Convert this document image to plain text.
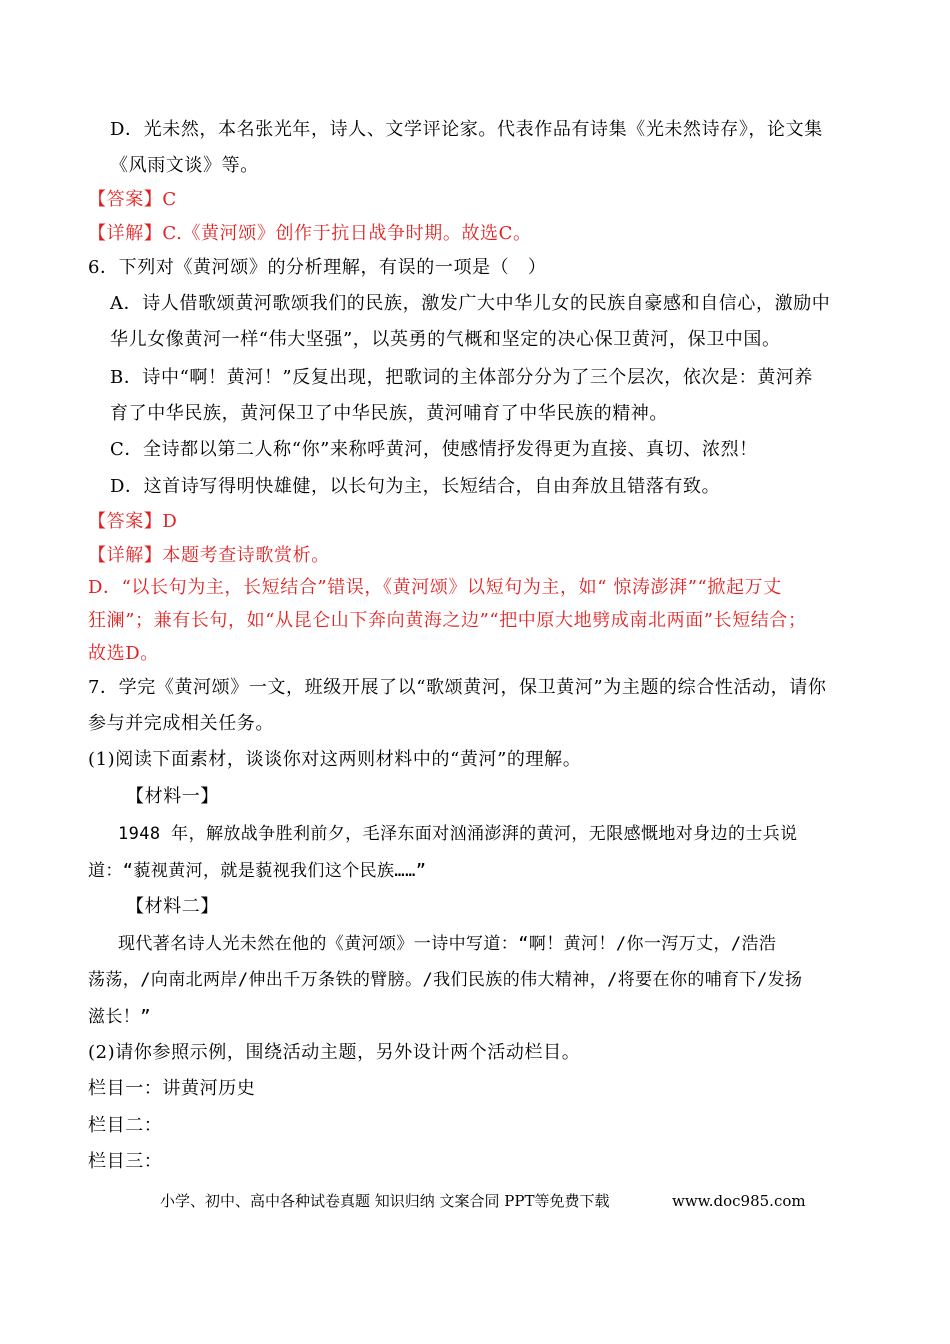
D．光未然，本名张光年，诗人、文学评论家。代表作品有诗集《光未然诗存》，论文集
《风雨文谈》等。
【答案】C
【详解】C.《黄河颂》创作于抗日战争时期。故选C。
6．下列对《黄河颂》的分析理解，有误的一项是（　）
A．诗人借歌颂黄河歌颂我们的民族，激发广大中华儿女的民族自豪感和自信心，激励中
华儿女像黄河一样“伟大坚强”，以英勇的气概和坚定的决心保卫黄河，保卫中国。
B．诗中“啊！黄河！”反复出现，把歌词的主体部分分为了三个层次，依次是：黄河养
育了中华民族，黄河保卫了中华民族，黄河哺育了中华民族的精神。
C．全诗都以第二人称“你”来称呼黄河，使感情抒发得更为直接、真切、浓烈！
D．这首诗写得明快雄健，以长句为主，长短结合，自由奔放且错落有致。
【答案】D
【详解】本题考查诗歌赏析。
D．“以长句为主，长短结合”错误，《黄河颂》以短句为主，如“ 惊涛澎湃”“掀起万丈
狂澜”；兼有长句，如“从昆仑山下奔向黄海之边”“把中原大地劈成南北两面”长短结合；
故选D。
7．学完《黄河颂》一文，班级开展了以“歌颂黄河，保卫黄河”为主题的综合性活动，请你
参与并完成相关任务。
(1)阅读下面素材，谈谈你对这两则材料中的“黄河”的理解。
【材料一】
1948 年，解放战争胜利前夕，毛泽东面对汹涌澎湃的黄河，无限感慨地对身边的士兵说
道：“藐视黄河，就是藐视我们这个民族……”
【材料二】
现代著名诗人光未然在他的《黄河颂》一诗中写道：“啊！黄河！/你一泻万丈，/浩浩
荡荡，/向南北两岸/伸出千万条铁的臂膀。/我们民族的伟大精神，/将要在你的哺育下/发扬
滋长！”
(2)请你参照示例，围绕活动主题，另外设计两个活动栏目。
栏目一：讲黄河历史
栏目二：
栏目三：
小学、初中、高中各种试卷真题 知识归纳 文案合同 PPT等免费下载	www.doc985.com
